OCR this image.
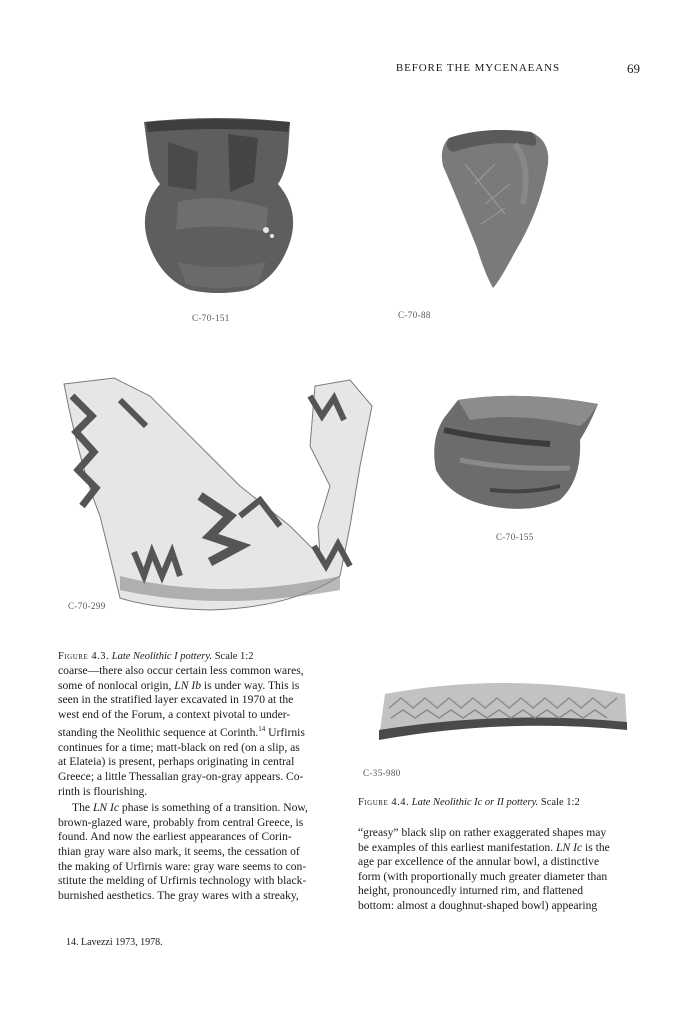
BEFORE THE MYCENAEANS	69
C-70-151	C-70-88
C-70-299
C-70-155
Figure 4.3. Late Neolithic I pottery. Scale 1:2

coarse—there also occur certain less common wares,
some of nonlocal origin, LN Ib is under way. This is
seen in the stratified layer excavated in 1970 at the
west end of the Forum, a context pivotal to under-
standing the Neolithic sequence at Corinth.$^{14}$ Urfirnis
continues for a time; matt-black on red (on a slip, as
at Elateia) is present, perhaps originating in central
Greece; a little Thessalian gray-on-gray appears. Co-
rinth is flourishing.

The LN Ic phase is something of a transition. Now,
brown-glazed ware, probably from central Greece, is
found. And now the earliest appearances of Corin-
thian gray ware also mark, it seems, the cessation of
the making of Urfirnis ware: gray ware seems to con-
stitute the melding of Urfirnis technology with black-
burnished aesthetics. The gray wares with a streaky,

C-35-980
Figure 4.4. Late Neolithic Ic or II pottery. Scale 1:2

“greasy” black slip on rather exaggerated shapes may
be examples of this earliest manifestation. LN Ic is the
age par excellence of the annular bowl, a distinctive
form (with proportionally much greater diameter than
height, pronouncedly inturned rim, and flattened
bottom: almost a doughnut-shaped bowl) appearing

14. Lavezzi 1973, 1978.
